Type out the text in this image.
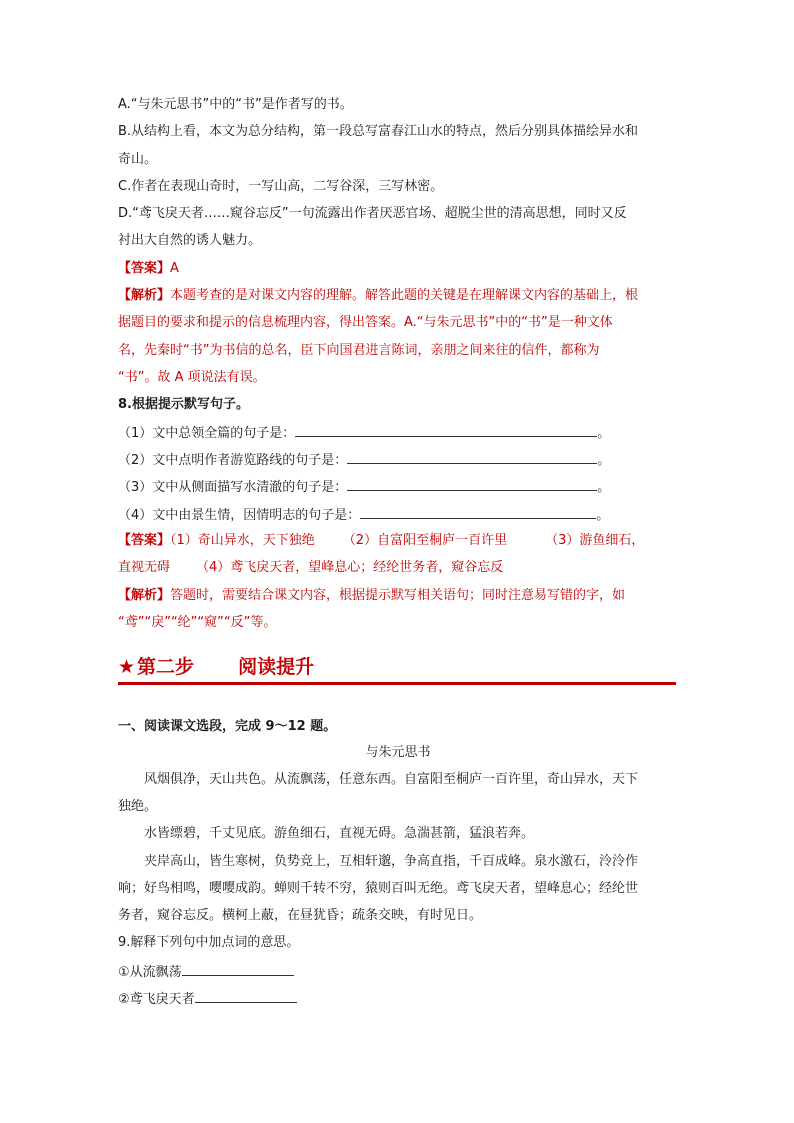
A.“与朱元思书”中的“书”是作者写的书。
B.从结构上看，本文为总分结构，第一段总写富春江山水的特点，然后分别具体描绘异水和
奇山。
C.作者在表现山奇时，一写山高，二写谷深，三写林密。
D.“鸢飞戾天者……窥谷忘反”一句流露出作者厌恶官场、超脱尘世的清高思想，同时又反
衬出大自然的诱人魅力。
【答案】A
【解析】本题考查的是对课文内容的理解。解答此题的关键是在理解课文内容的基础上，根
据题目的要求和提示的信息梳理内容，得出答案。A.“与朱元思书”中的“书”是一种文体
名，先秦时“书”为书信的总名，臣下向国君进言陈词，亲朋之间来往的信件，都称为
“书”。故 A 项说法有误。
8.根据提示默写句子。
（1）文中总领全篇的句子是：	。
（2）文中点明作者游览路线的句子是：	。
（3）文中从侧面描写水清澈的句子是：	。
（4）文中由景生情，因情明志的句子是：	。
【答案】（1）奇山异水，天下独绝 （2）自富阳至桐庐一百许里	（3）游鱼细石，
直视无碍 （4）鸢飞戾天者，望峰息心；经纶世务者，窥谷忘反
【解析】答题时，需要结合课文内容，根据提示默写相关语句；同时注意易写错的字，如
“鸢”“戾”“纶”“窥”“反”等。
★ 第二步 阅读提升
一、阅读课文选段，完成 9～12 题。
与朱元思书
风烟俱净，天山共色。从流飘荡，任意东西。自富阳至桐庐一百许里，奇山异水，天下
独绝。
水皆缥碧，千丈见底。游鱼细石，直视无碍。急湍甚箭，猛浪若奔。
夹岸高山，皆生寒树，负势竞上，互相轩邈，争高直指，千百成峰。泉水激石，泠泠作
响；好鸟相鸣，嘤嘤成韵。蝉则千转不穷，猿则百叫无绝。鸢飞戾天者，望峰息心；经纶世
务者，窥谷忘反。横柯上蔽，在昼犹昏；疏条交映，有时见日。
9.解释下列句中加点词的意思。
①从流飘荡
②鸢飞戾天者
